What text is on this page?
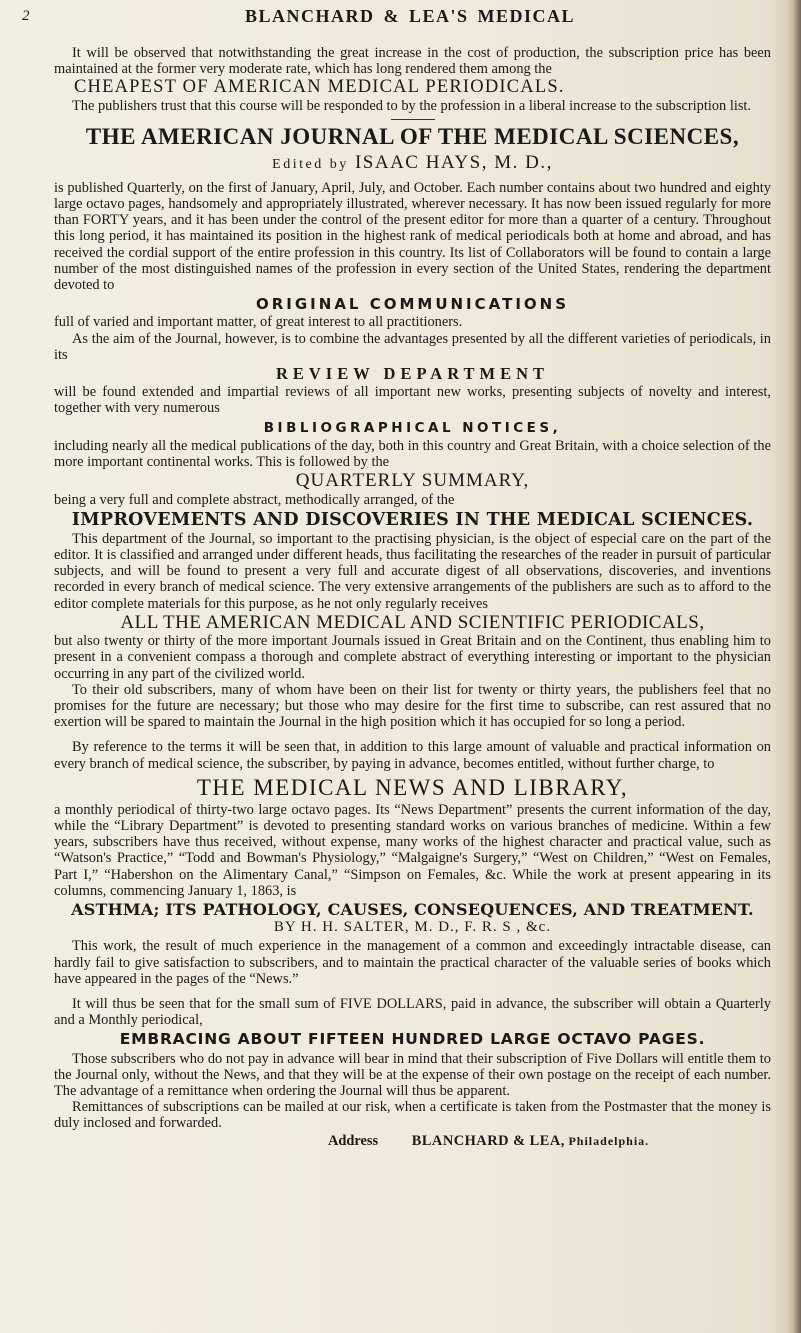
2	BLANCHARD & LEA'S MEDICAL

It will be observed that notwithstanding the great increase in the cost of production, the subscription price has been maintained at the former very moderate rate, which has long rendered them among the

CHEAPEST OF AMERICAN MEDICAL PERIODICALS.

The publishers trust that this course will be responded to by the profession in a liberal increase to the subscription list.

THE AMERICAN JOURNAL OF THE MEDICAL SCIENCES,
Edited by ISAAC HAYS, M. D.,

is published Quarterly, on the first of January, April, July, and October. Each number contains about two hundred and eighty large octavo pages, handsomely and appropriately illustrated, wherever necessary. It has now been issued regularly for more than FORTY years, and it has been under the control of the present editor for more than a quarter of a century. Throughout this long period, it has maintained its position in the highest rank of medical periodicals both at home and abroad, and has received the cordial support of the entire profession in this country. Its list of Collaborators will be found to contain a large number of the most distinguished names of the profession in every section of the United States, rendering the department devoted to

ORIGINAL COMMUNICATIONS

full of varied and important matter, of great interest to all practitioners.

As the aim of the Journal, however, is to combine the advantages presented by all the different varieties of periodicals, in its

REVIEW DEPARTMENT

will be found extended and impartial reviews of all important new works, presenting subjects of novelty and interest, together with very numerous

BIBLIOGRAPHICAL NOTICES,

including nearly all the medical publications of the day, both in this country and Great Britain, with a choice selection of the more important continental works. This is followed by the

QUARTERLY SUMMARY,

being a very full and complete abstract, methodically arranged, of the

IMPROVEMENTS AND DISCOVERIES IN THE MEDICAL SCIENCES.

This department of the Journal, so important to the practising physician, is the object of especial care on the part of the editor. It is classified and arranged under different heads, thus facilitating the researches of the reader in pursuit of particular subjects, and will be found to present a very full and accurate digest of all observations, discoveries, and inventions recorded in every branch of medical science. The very extensive arrangements of the publishers are such as to afford to the editor complete materials for this purpose, as he not only regularly receives

ALL THE AMERICAN MEDICAL AND SCIENTIFIC PERIODICALS,

but also twenty or thirty of the more important Journals issued in Great Britain and on the Continent, thus enabling him to present in a convenient compass a thorough and complete abstract of everything interesting or important to the physician occurring in any part of the civilized world.

To their old subscribers, many of whom have been on their list for twenty or thirty years, the publishers feel that no promises for the future are necessary; but those who may desire for the first time to subscribe, can rest assured that no exertion will be spared to maintain the Journal in the high position which it has occupied for so long a period.

By reference to the terms it will be seen that, in addition to this large amount of valuable and practical information on every branch of medical science, the subscriber, by paying in advance, becomes entitled, without further charge, to

THE MEDICAL NEWS AND LIBRARY,

a monthly periodical of thirty-two large octavo pages. Its “News Department” presents the current information of the day, while the “Library Department” is devoted to presenting standard works on various branches of medicine. Within a few years, subscribers have thus received, without expense, many works of the highest character and practical value, such as “Watson's Practice,” “Todd and Bowman's Physiology,” “Malgaigne's Surgery,” “West on Children,” “West on Females, Part I,” “Habershon on the Alimentary Canal,” “Simpson on Females, &c. While the work at present appearing in its columns, commencing January 1, 1863, is

ASTHMA; ITS PATHOLOGY, CAUSES, CONSEQUENCES, AND TREATMENT.
BY H. H. SALTER, M. D., F. R. S , &c.

This work, the result of much experience in the management of a common and exceedingly intractable disease, can hardly fail to give satisfaction to subscribers, and to maintain the practical character of the valuable series of books which have appeared in the pages of the “News.”

It will thus be seen that for the small sum of FIVE DOLLARS, paid in advance, the subscriber will obtain a Quarterly and a Monthly periodical,

EMBRACING ABOUT FIFTEEN HUNDRED LARGE OCTAVO PAGES.

Those subscribers who do not pay in advance will bear in mind that their subscription of Five Dollars will entitle them to the Journal only, without the News, and that they will be at the expense of their own postage on the receipt of each number. The advantage of a remittance when ordering the Journal will thus be apparent.

Remittances of subscriptions can be mailed at our risk, when a certificate is taken from the Postmaster that the money is duly inclosed and forwarded.

Address BLANCHARD & LEA, Philadelphia.
